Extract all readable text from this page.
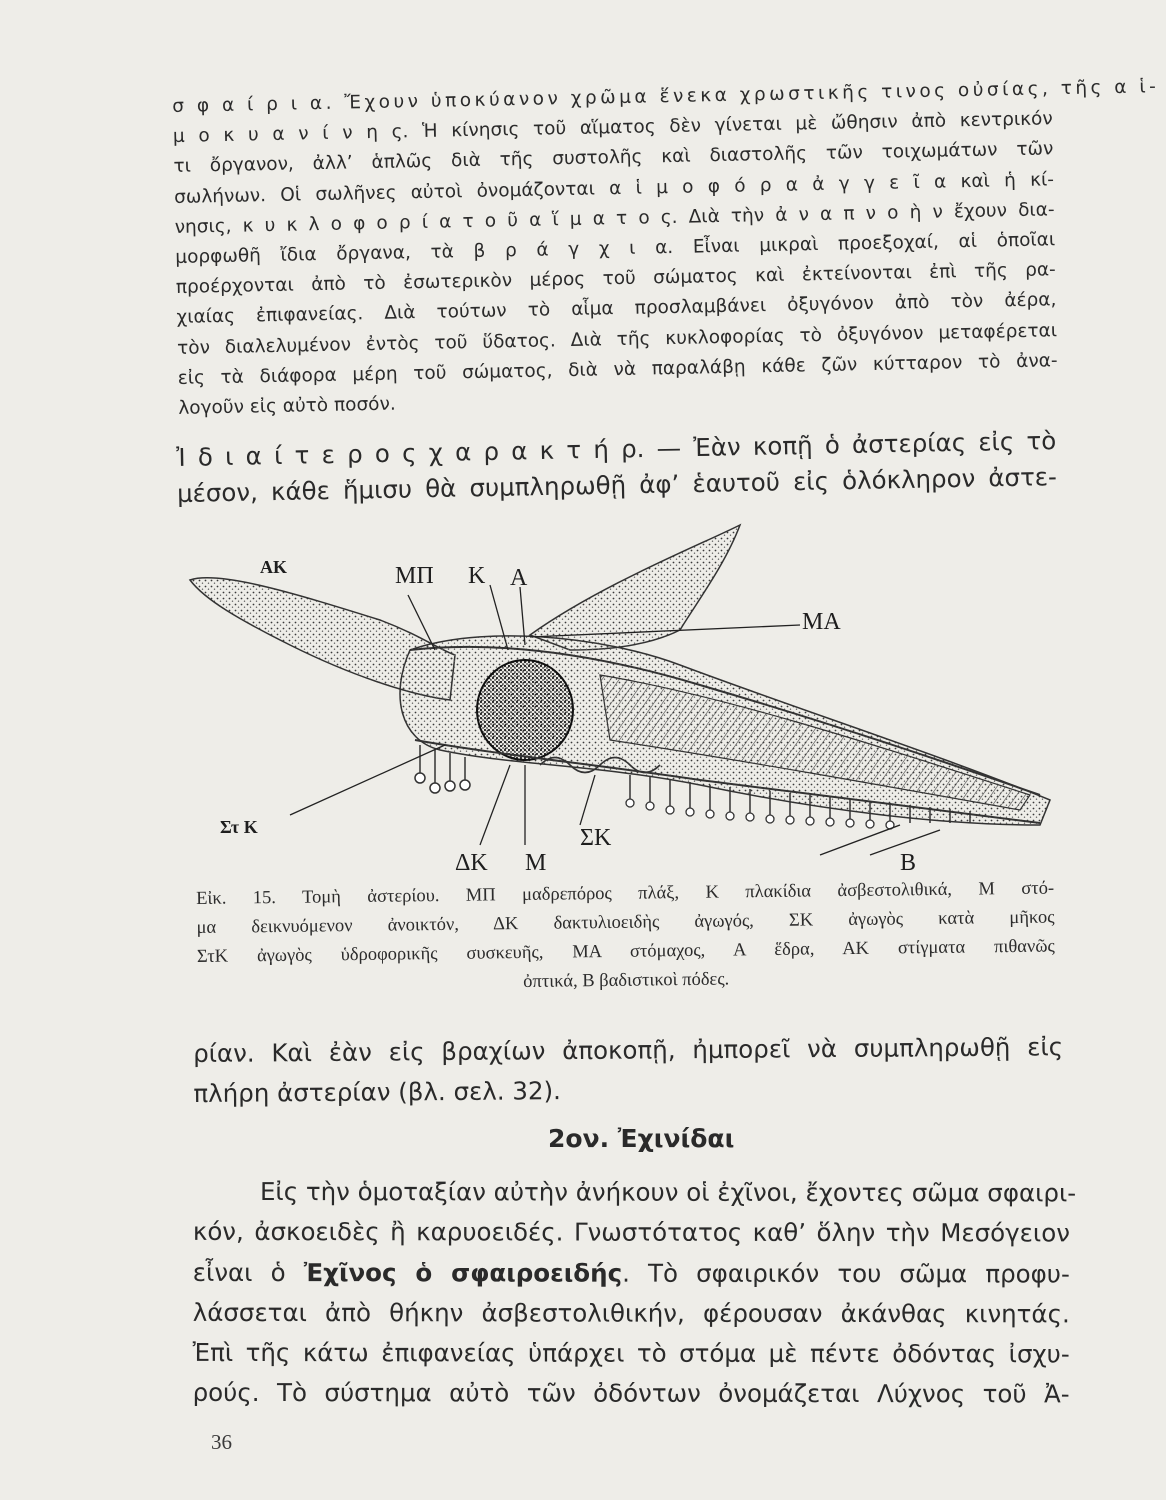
σ φ α ί ρ ι α. Ἔχουν ὑποκύανον χρῶμα ἕνεκα χρωστικῆς τινος οὐσίας, τῆς α ἱ-
μ ο κ υ α ν ί ν η ς. Ἡ κίνησις τοῦ αἵματος δὲν γίνεται μὲ ὤθησιν ἀπὸ κεντρικόν
τι ὄργανον, ἀλλ’ ἁπλῶς διὰ τῆς συστολῆς καὶ διαστολῆς τῶν τοιχωμάτων τῶν
σωλήνων. Οἱ σωλῆνες αὐτοὶ ὀνομάζονται α ἱ μ ο φ ό ρ α ἀ γ γ ε ῖ α καὶ ἡ κί-
νησις, κ υ κ λ ο φ ο ρ ί α τ ο ῦ α ἵ μ α τ ο ς. Διὰ τὴν ἀ ν α π ν ο ὴ ν ἔχουν δια-
μορφωθῆ ἴδια ὄργανα, τὰ β ρ ά γ χ ι α. Εἶναι μικραὶ προεξοχαί, αἱ ὁποῖαι
προέρχονται ἀπὸ τὸ ἐσωτερικὸν μέρος τοῦ σώματος καὶ ἐκτείνονται ἐπὶ τῆς ρα-
χιαίας ἐπιφανείας. Διὰ τούτων τὸ αἷμα προσλαμβάνει ὀξυγόνον ἀπὸ τὸν ἀέρα,
τὸν διαλελυμένον ἐντὸς τοῦ ὕδατος. Διὰ τῆς κυκλοφορίας τὸ ὀξυγόνον μεταφέρεται
εἰς τὰ διάφορα μέρη τοῦ σώματος, διὰ νὰ παραλάβῃ κάθε ζῶν κύτταρον τὸ ἀνα-
λογοῦν εἰς αὐτὸ ποσόν.
Ἰ δ ι α ί τ ε ρ ο ς χ α ρ α κ τ ή ρ. — Ἐὰν κοπῇ ὁ ἀστερίας εἰς τὸ
μέσον, κάθε ἥμισυ θὰ συμπληρωθῇ ἀφ’ ἑαυτοῦ εἰς ὁλόκληρον ἀστε-
ΑΚ	ΜΠ Κ Α
ΜΑ
Στ Κ
ΔΚ Μ
ΣΚ
Β
Εἰκ. 15. Τομὴ ἀστερίου. ΜΠ μαδρεπόρος πλάξ, Κ πλακίδια ἀσβεστολιθικά, Μ στό-
μα δεικνυόμενον ἀνοικτόν, ΔΚ δακτυλιοειδὴς ἀγωγός, ΣΚ ἀγωγὸς κατὰ μῆκος
ΣτΚ ἀγωγὸς ὑδροφορικῆς συσκευῆς, ΜΑ στόμαχος, Α ἕδρα, ΑΚ στίγματα πιθανῶς
ὀπτικά, Β βαδιστικοὶ πόδες.
ρίαν. Καὶ ἐὰν εἰς βραχίων ἀποκοπῇ, ἠμπορεῖ νὰ συμπληρωθῇ εἰς
πλήρη ἀστερίαν (βλ. σελ. 32).
2ον. Ἐχινίδαι
Εἰς τὴν ὁμοταξίαν αὐτὴν ἀνήκουν οἱ ἐχῖνοι, ἔχοντες σῶμα σφαιρι-
κόν, ἀσκοειδὲς ἢ καρυοειδές. Γνωστότατος καθ’ ὅλην τὴν Μεσόγειον
εἶναι ὁ Ἐχῖνος ὁ σφαιροειδής. Τὸ σφαιρικόν του σῶμα προφυ-
λάσσεται ἀπὸ θήκην ἀσβεστολιθικήν, φέρουσαν ἀκάνθας κινητάς.
Ἐπὶ τῆς κάτω ἐπιφανείας ὑπάρχει τὸ στόμα μὲ πέντε ὀδόντας ἰσχυ-
ρούς. Τὸ σύστημα αὐτὸ τῶν ὀδόντων ὀνομάζεται Λύχνος τοῦ Ἀ-
36
